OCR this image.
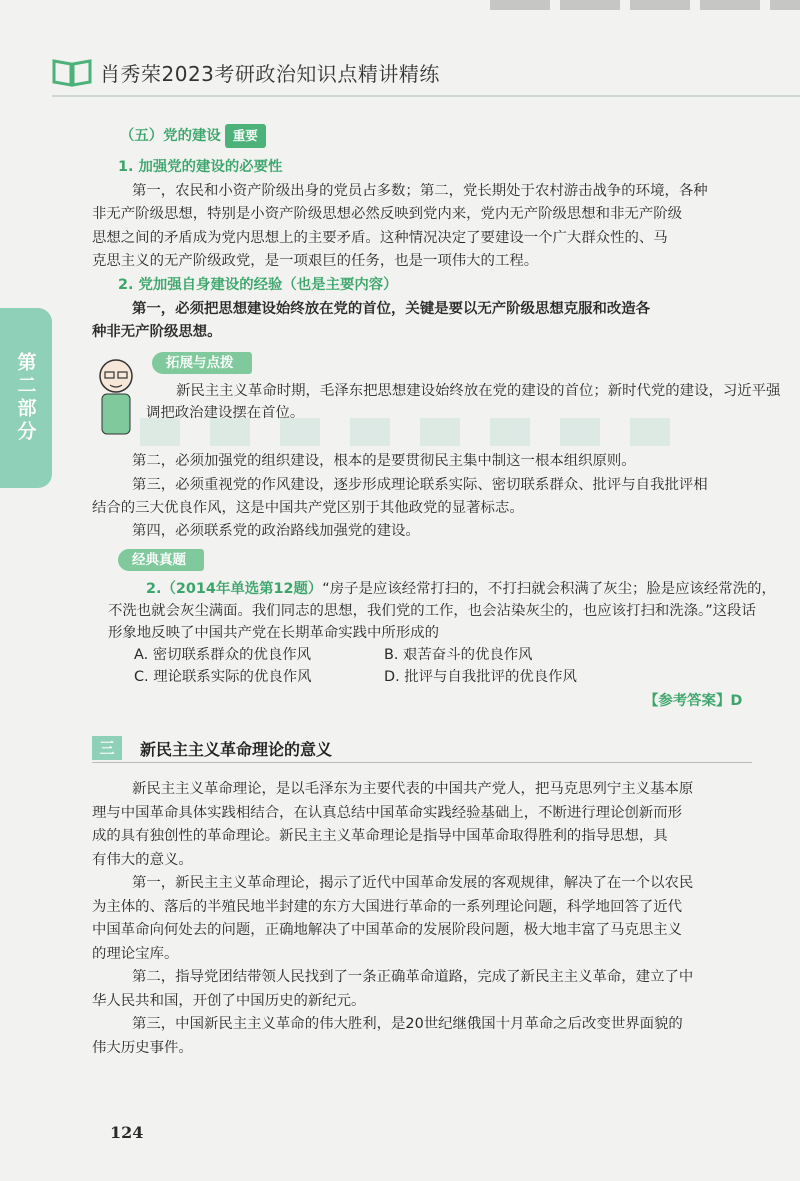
肖秀荣2023考研政治知识点精讲精练
第二部分

（五）党的建设 重要

1. 加强党的建设的必要性

第一，农民和小资产阶级出身的党员占多数；第二，党长期处于农村游击战争的环境，各种

非无产阶级思想，特别是小资产阶级思想必然反映到党内来，党内无产阶级思想和非无产阶级

思想之间的矛盾成为党内思想上的主要矛盾。这种情况决定了要建设一个广大群众性的、马

克思主义的无产阶级政党，是一项艰巨的任务，也是一项伟大的工程。

2. 党加强自身建设的经验（也是主要内容）

第一，必须把思想建设始终放在党的首位，关键是要以无产阶级思想克服和改造各

种非无产阶级思想。

拓展与点拨

新民主主义革命时期，毛泽东把思想建设始终放在党的建设的首位；新时代党的建设，习近平强

调把政治建设摆在首位。

第二，必须加强党的组织建设，根本的是要贯彻民主集中制这一根本组织原则。

第三，必须重视党的作风建设，逐步形成理论联系实际、密切联系群众、批评与自我批评相

结合的三大优良作风，这是中国共产党区别于其他政党的显著标志。

第四，必须联系党的政治路线加强党的建设。

经典真题

2.（2014年单选第12题）“房子是应该经常打扫的，不打扫就会积满了灰尘；脸是应该经常洗的，

不洗也就会灰尘满面。我们同志的思想，我们党的工作，也会沾染灰尘的，也应该打扫和洗涤。”这段话

形象地反映了中国共产党在长期革命实践中所形成的

A. 密切联系群众的优良作风	B. 艰苦奋斗的优良作风

C. 理论联系实际的优良作风	D. 批评与自我批评的优良作风

【参考答案】D

三	新民主主义革命理论的意义

新民主主义革命理论，是以毛泽东为主要代表的中国共产党人，把马克思列宁主义基本原

理与中国革命具体实践相结合，在认真总结中国革命实践经验基础上，不断进行理论创新而形

成的具有独创性的革命理论。新民主主义革命理论是指导中国革命取得胜利的指导思想，具

有伟大的意义。

第一，新民主主义革命理论，揭示了近代中国革命发展的客观规律，解决了在一个以农民

为主体的、落后的半殖民地半封建的东方大国进行革命的一系列理论问题，科学地回答了近代

中国革命向何处去的问题，正确地解决了中国革命的发展阶段问题，极大地丰富了马克思主义

的理论宝库。

第二，指导党团结带领人民找到了一条正确革命道路，完成了新民主主义革命，建立了中

华人民共和国，开创了中国历史的新纪元。

第三，中国新民主主义革命的伟大胜利，是20世纪继俄国十月革命之后改变世界面貌的

伟大历史事件。

124
